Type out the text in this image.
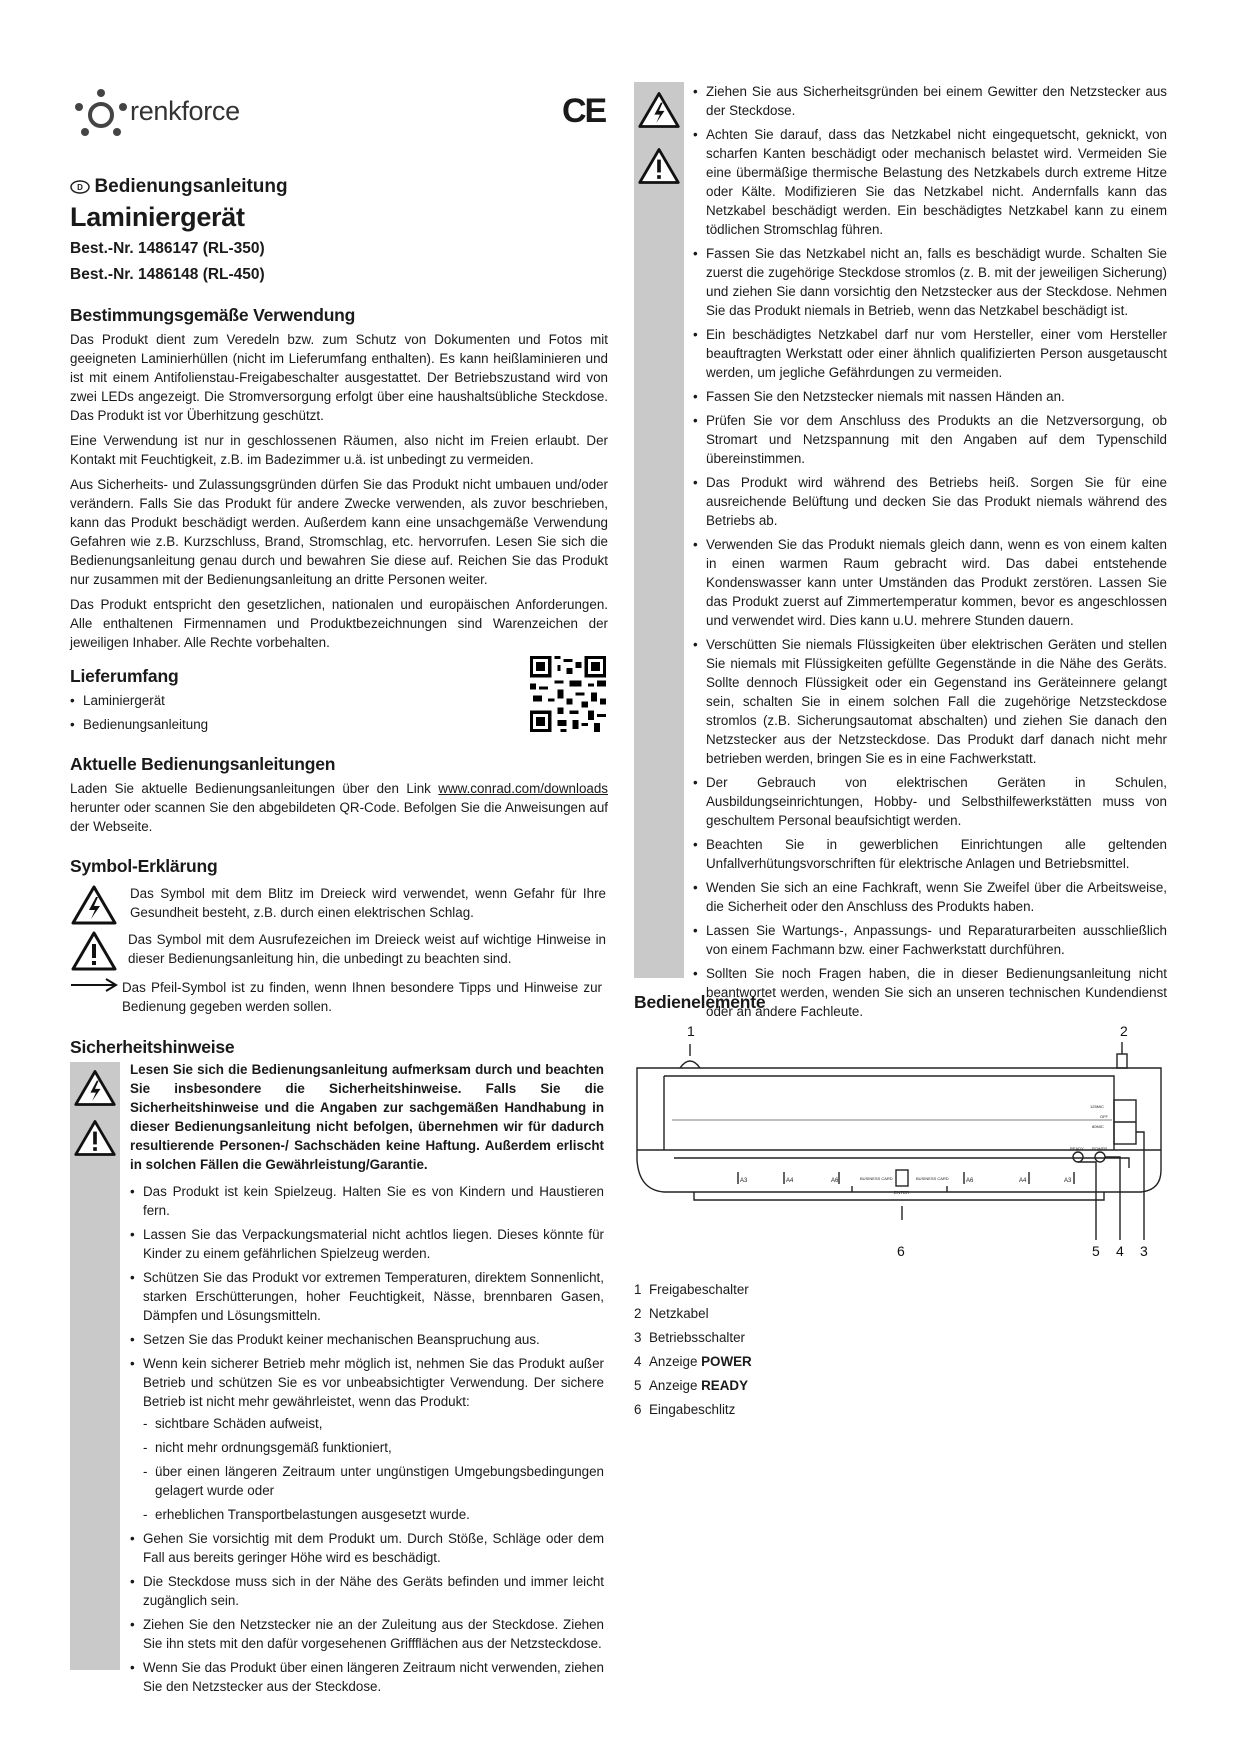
renkforce	CE
D Bedienungsanleitung
Laminiergerät
Best.-Nr. 1486147 (RL-350)
Best.-Nr. 1486148 (RL-450)
Bestimmungsgemäße Verwendung

Das Produkt dient zum Veredeln bzw. zum Schutz von Dokumenten und Fotos mit geeigneten Laminierhüllen (nicht im Lieferumfang enthalten). Es kann heißlaminieren und ist mit einem Antifolienstau-Freigabeschalter ausgestattet. Der Betriebszustand wird von zwei LEDs angezeigt. Die Stromversorgung erfolgt über eine haushaltsübliche Steckdose. Das Produkt ist vor Überhitzung geschützt.

Eine Verwendung ist nur in geschlossenen Räumen, also nicht im Freien erlaubt. Der Kontakt mit Feuchtigkeit, z.B. im Badezimmer u.ä. ist unbedingt zu vermeiden.

Aus Sicherheits- und Zulassungsgründen dürfen Sie das Produkt nicht umbauen und/oder verändern. Falls Sie das Produkt für andere Zwecke verwenden, als zuvor beschrieben, kann das Produkt beschädigt werden. Außerdem kann eine unsachgemäße Verwendung Gefahren wie z.B. Kurzschluss, Brand, Stromschlag, etc. hervorrufen. Lesen Sie sich die Bedienungsanleitung genau durch und bewahren Sie diese auf. Reichen Sie das Produkt nur zusammen mit der Bedienungsanleitung an dritte Personen weiter.

Das Produkt entspricht den gesetzlichen, nationalen und europäischen Anforderungen. Alle enthaltenen Firmennamen und Produktbezeichnungen sind Warenzeichen der jeweiligen Inhaber. Alle Rechte vorbehalten.

Lieferumfang
• Laminiergerät
• Bedienungsanleitung
Aktuelle Bedienungsanleitungen

Laden Sie aktuelle Bedienungsanleitungen über den Link www.conrad.com/downloads herunter oder scannen Sie den abgebildeten QR-Code. Befolgen Sie die Anweisungen auf der Webseite.

Symbol-Erklärung

Das Symbol mit dem Blitz im Dreieck wird verwendet, wenn Gefahr für Ihre Gesundheit besteht, z.B. durch einen elektrischen Schlag.

Das Symbol mit dem Ausrufezeichen im Dreieck weist auf wichtige Hinweise in dieser Bedienungsanleitung hin, die unbedingt zu beachten sind.

Das Pfeil-Symbol ist zu finden, wenn Ihnen besondere Tipps und Hinweise zur Bedienung gegeben werden sollen.

Sicherheitshinweise

Lesen Sie sich die Bedienungsanleitung aufmerksam durch und beachten Sie insbesondere die Sicherheitshinweise. Falls Sie die Sicherheitshinweise und die Angaben zur sachgemäßen Handhabung in dieser Bedienungsanleitung nicht befolgen, übernehmen wir für dadurch resultierende Personen-/ Sachschäden keine Haftung. Außerdem erlischt in solchen Fällen die Gewährleistung/Garantie.

• Das Produkt ist kein Spielzeug. Halten Sie es von Kindern und Haustieren fern.
• Lassen Sie das Verpackungsmaterial nicht achtlos liegen. Dieses könnte für Kinder zu einem gefährlichen Spielzeug werden.
• Schützen Sie das Produkt vor extremen Temperaturen, direktem Sonnenlicht, starken Erschütterungen, hoher Feuchtigkeit, Nässe, brennbaren Gasen, Dämpfen und Lösungsmitteln.
• Setzen Sie das Produkt keiner mechanischen Beanspruchung aus.
• Wenn kein sicherer Betrieb mehr möglich ist, nehmen Sie das Produkt außer Betrieb und schützen Sie es vor unbeabsichtigter Verwendung. Der sichere Betrieb ist nicht mehr gewährleistet, wenn das Produkt:
- sichtbare Schäden aufweist,
- nicht mehr ordnungsgemäß funktioniert,
- über einen längeren Zeitraum unter ungünstigen Umgebungsbedingungen gelagert wurde oder
- erheblichen Transportbelastungen ausgesetzt wurde.
• Gehen Sie vorsichtig mit dem Produkt um. Durch Stöße, Schläge oder dem Fall aus bereits geringer Höhe wird es beschädigt.
• Die Steckdose muss sich in der Nähe des Geräts befinden und immer leicht zugänglich sein.
• Ziehen Sie den Netzstecker nie an der Zuleitung aus der Steckdose. Ziehen Sie ihn stets mit den dafür vorgesehenen Griffflächen aus der Netzsteckdose.
• Wenn Sie das Produkt über einen längeren Zeitraum nicht verwenden, ziehen Sie den Netzstecker aus der Steckdose.
• Ziehen Sie aus Sicherheitsgründen bei einem Gewitter den Netzstecker aus der Steckdose.
• Achten Sie darauf, dass das Netzkabel nicht eingequetscht, geknickt, von scharfen Kanten beschädigt oder mechanisch belastet wird. Vermeiden Sie eine übermäßige thermische Belastung des Netzkabels durch extreme Hitze oder Kälte. Modifizieren Sie das Netzkabel nicht. Andernfalls kann das Netzkabel beschädigt werden. Ein beschädigtes Netzkabel kann zu einem tödlichen Stromschlag führen.
• Fassen Sie das Netzkabel nicht an, falls es beschädigt wurde. Schalten Sie zuerst die zugehörige Steckdose stromlos (z. B. mit der jeweiligen Sicherung) und ziehen Sie dann vorsichtig den Netzstecker aus der Steckdose. Nehmen Sie das Produkt niemals in Betrieb, wenn das Netzkabel beschädigt ist.
• Ein beschädigtes Netzkabel darf nur vom Hersteller, einer vom Hersteller beauftragten Werkstatt oder einer ähnlich qualifizierten Person ausgetauscht werden, um jegliche Gefährdungen zu vermeiden.
• Fassen Sie den Netzstecker niemals mit nassen Händen an.
• Prüfen Sie vor dem Anschluss des Produkts an die Netzversorgung, ob Stromart und Netzspannung mit den Angaben auf dem Typenschild übereinstimmen.
• Das Produkt wird während des Betriebs heiß. Sorgen Sie für eine ausreichende Belüftung und decken Sie das Produkt niemals während des Betriebs ab.
• Verwenden Sie das Produkt niemals gleich dann, wenn es von einem kalten in einen warmen Raum gebracht wird. Das dabei entstehende Kondenswasser kann unter Umständen das Produkt zerstören. Lassen Sie das Produkt zuerst auf Zimmertemperatur kommen, bevor es angeschlossen und verwendet wird. Dies kann u.U. mehrere Stunden dauern.
• Verschütten Sie niemals Flüssigkeiten über elektrischen Geräten und stellen Sie niemals mit Flüssigkeiten gefüllte Gegenstände in die Nähe des Geräts. Sollte dennoch Flüssigkeit oder ein Gegenstand ins Geräteinnere gelangt sein, schalten Sie in einem solchen Fall die zugehörige Netzsteckdose stromlos (z.B. Sicherungsautomat abschalten) und ziehen Sie danach den Netzstecker aus der Netzsteckdose. Das Produkt darf danach nicht mehr betrieben werden, bringen Sie es in eine Fachwerkstatt.
• Der Gebrauch von elektrischen Geräten in Schulen, Ausbildungseinrichtungen, Hobby- und Selbsthilfewerkstätten muss von geschultem Personal beaufsichtigt werden.
• Beachten Sie in gewerblichen Einrichtungen alle geltenden Unfallverhütungsvorschriften für elektrische Anlagen und Betriebsmittel.
• Wenden Sie sich an eine Fachkraft, wenn Sie Zweifel über die Arbeitsweise, die Sicherheit oder den Anschluss des Produkts haben.
• Lassen Sie Wartungs-, Anpassungs- und Reparaturarbeiten ausschließlich von einem Fachmann bzw. einer Fachwerkstatt durchführen.
• Sollten Sie noch Fragen haben, die in dieser Bedienungsanleitung nicht beantwortet werden, wenden Sie sich an unseren technischen Kundendienst oder an andere Fachleute.
Bedienelemente
1	2
6	5 4 3
A3	A4	A6	A6	A4	A3
BUSINESS CARD	BUSINESS CARD
ENTER
125MIC
OFF
80MIC
READY POWER
1 Freigabeschalter
2 Netzkabel
3 Betriebsschalter
4 Anzeige POWER
5 Anzeige READY
6 Eingabeschlitz
